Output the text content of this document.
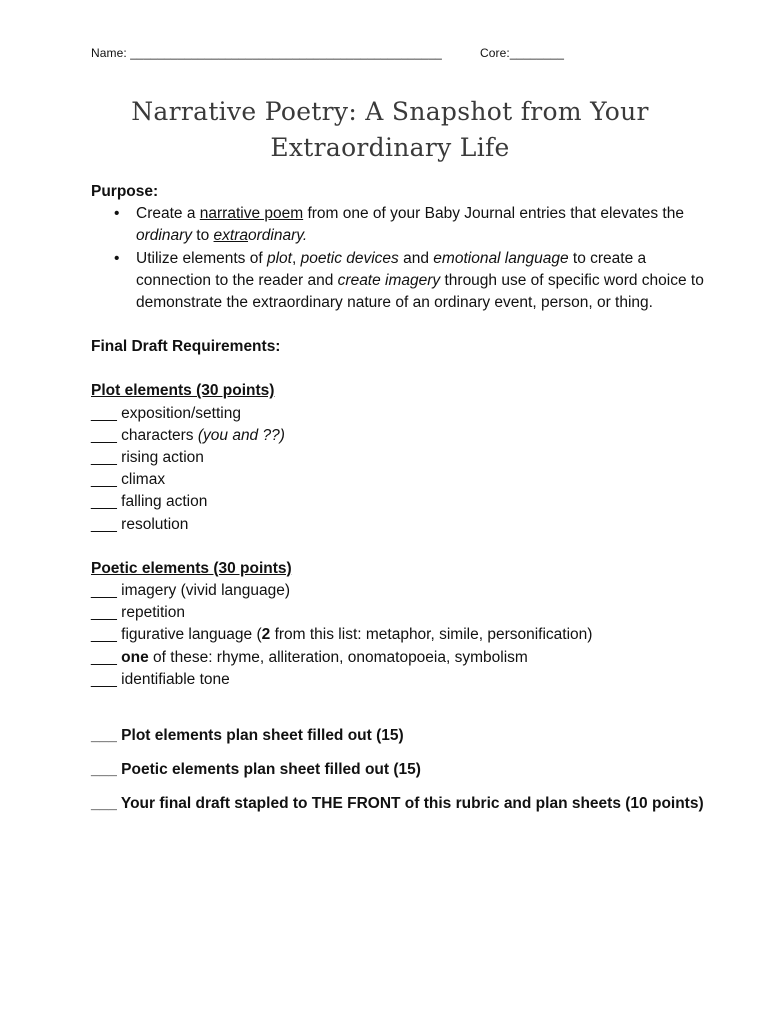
Name: ______________________________________________	Core:________
Narrative Poetry: A Snapshot from Your
Extraordinary Life
Purpose:
• Create a narrative poem from one of your Baby Journal entries that elevates the ordinary to extraordinary.
• Utilize elements of plot, poetic devices and emotional language to create a connection to the reader and create imagery through use of specific word choice to demonstrate the extraordinary nature of an ordinary event, person, or thing.
Final Draft Requirements:
Plot elements (30 points)
___ exposition/setting
___ characters (you and ??)
___ rising action
___ climax
___ falling action
___ resolution
Poetic elements (30 points)
___ imagery (vivid language)
___ repetition
___ figurative language (2 from this list: metaphor, simile, personification)
___ one of these: rhyme, alliteration, onomatopoeia, symbolism
___ identifiable tone
___ Plot elements plan sheet filled out (15)
___ Poetic elements plan sheet filled out (15)
___ Your final draft stapled to THE FRONT of this rubric and plan sheets (10 points)
